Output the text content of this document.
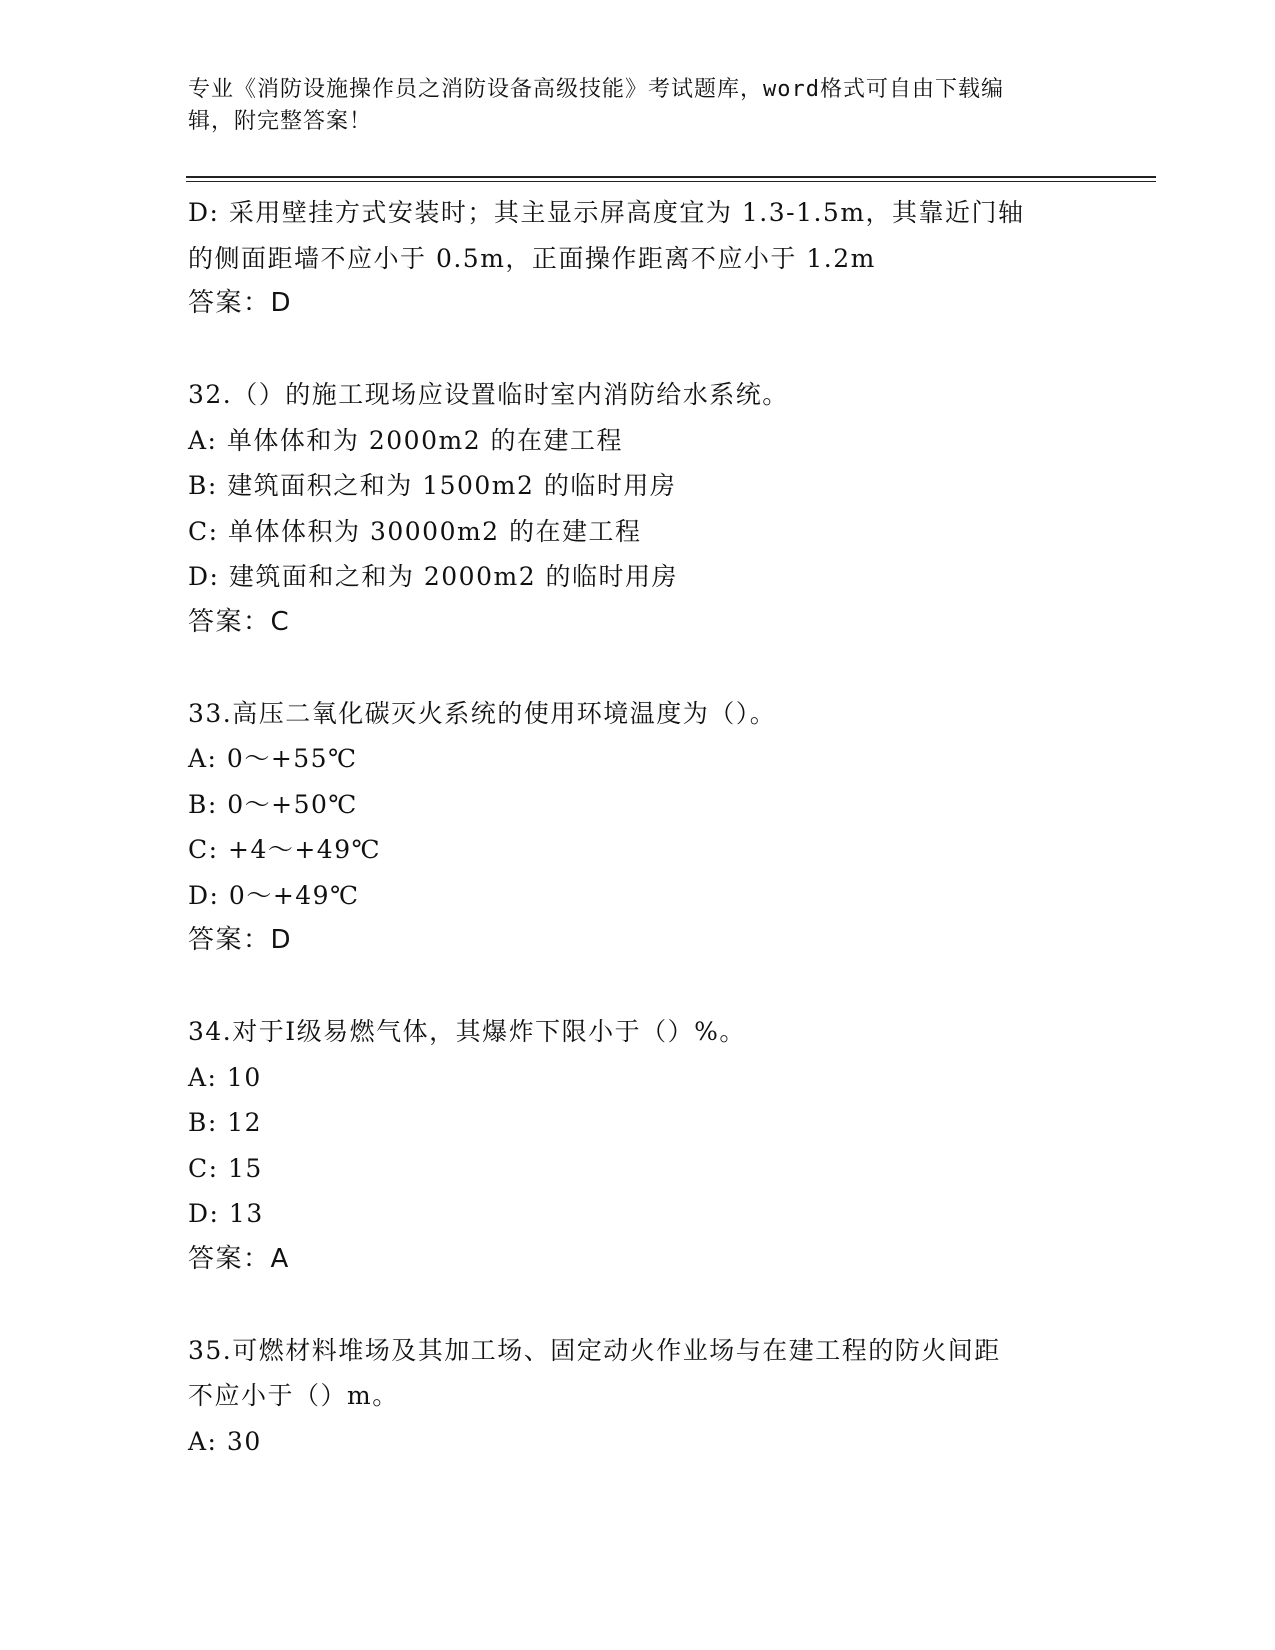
专业《消防设施操作员之消防设备高级技能》考试题库，word格式可自由下载编
辑，附完整答案！
D: 采用壁挂方式安装时；其主显示屏高度宜为 1.3-1.5m，其靠近门轴
的侧面距墙不应小于 0.5m，正面操作距离不应小于 1.2m
答案：D
32.（）的施工现场应设置临时室内消防给水系统。
A: 单体体和为 2000m2 的在建工程
B: 建筑面积之和为 1500m2 的临时用房
C: 单体体积为 30000m2 的在建工程
D: 建筑面和之和为 2000m2 的临时用房
答案：C
33.高压二氧化碳灭火系统的使用环境温度为（）。
A: 0～+55℃
B: 0～+50℃
C: +4～+49℃
D: 0～+49℃
答案：D
34.对于Ⅰ级易燃气体，其爆炸下限小于（）%。
A: 10
B: 12
C: 15
D: 13
答案：A
35.可燃材料堆场及其加工场、固定动火作业场与在建工程的防火间距
不应小于（）m。
A: 30
